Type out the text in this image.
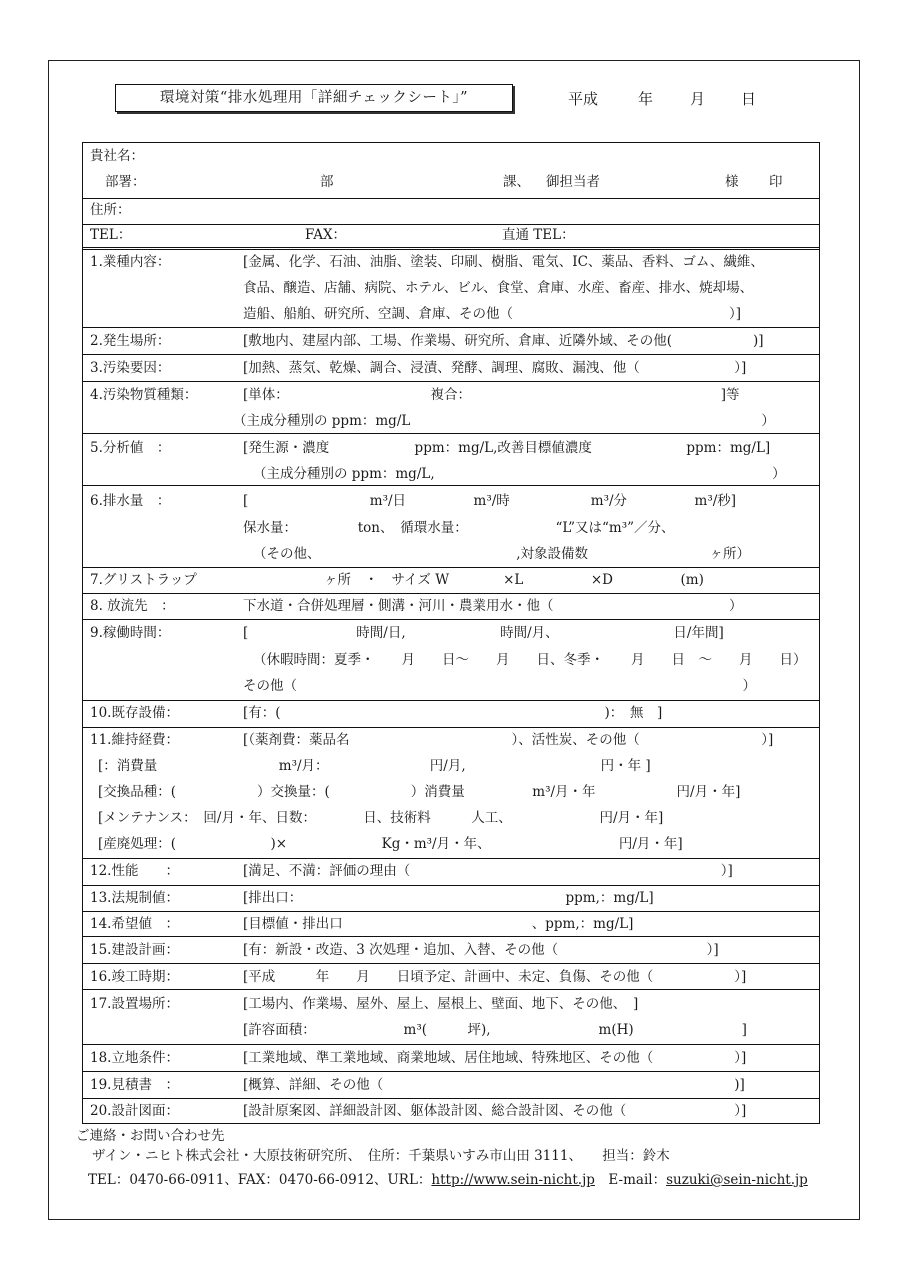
環境対策“排水処理用「詳細チェックシート」”	平成	年 月 日
貴社名：
部署：	部	課、 御担当者	様 印
住所：
TEL：	FAX：	直通 TEL：
1.業種内容：	[金属、化学、石油、油脂、塗装、印刷、樹脂、電気、IC、薬品、香料、ゴム、繊維、
食品、醸造、店舗、病院、ホテル、ビル、食堂、倉庫、水産、畜産、排水、焼却場、
造船、船舶、研究所、空調、倉庫、その他（　　　　　　　　　　　　　　　　）]
2.発生場所：	[敷地内、建屋内部、工場、作業場、研究所、倉庫、近隣外域、その他(　　　　　　)]
3.汚染要因：	[加熱、蒸気、乾燥、調合、浸漬、発酵、調理、腐敗、漏洩、他（　　　　　　　）]
4.汚染物質種類：	[単体：　　　　　　　　　　　複合：　　　　　　　　　　　　　　　　　　　]等
（主成分種別の ppm：mg/L　　　　　　　　　　　　　　　　　　　　　　　　　　）
5.分析値　：	[発生源・濃度　　　　　　 ppm：mg/L,改善目標値濃度　　　　　　　ppm：mg/L]
（主成分種別の ppm：mg/L,　　　　　　　　　　　　　　　　　　　　　　　　　）
6.排水量　：	[　　　　　　　　　m³/日　　　　　m³/時　　　　　　m³/分　　　　　m³/秒]
保水量：　　　　　ton、　循環水量：　　　　　　　“L”又は“m³”／分、
（その他、　　　　　　　　　　　　　　　,対象設備数　　　　　　　　　ヶ所）
7.グリストラップ	　　　　　　ヶ所　・　サイズ W　　　　×L　　　　　×D　　　　　(m)
8. 放流先　：	下水道・合併処理層・側溝・河川・農業用水・他（　　　　　　　　　　　　　）
9.稼働時間：	[　　　　　　　　時間/日,　　　　　　　時間/月、　　　　　　　　　日/年間]
（休暇時間：夏季・　　月　　日～　　月　　日、冬季・　　月　　日　～　　月　　日）
その他（　　　　　　　　　　　　　　　　　　　　　　　　　　　　　　　　　）
10.既存設備：	[有：(　　　　　　　　　　　　　　　　　　　　　　　　)：　無　]
11.維持経費：	[（薬剤費：薬品名　　　　　　　　　　　　）、活性炭、その他（　　　　　　　　　）]
[：消費量　　　　　　　　　m³/月：　　　　　　　　円/月,　　　　　　　　　　円・年 ]
[交換品種：(　　　　　　）交換量：(　　　　　　）消費量　　　　　m³/月・年　　　　　　円/月・年]
[メンテナンス：　回/月・年、日数：　　　　日、技術料　　　人工、　　　　　　　円/月・年]
[産廃処理：(　　　　　　　)×　　　　　　　Kg・m³/月・年、　　　　　　　　　　円/月・年]
12.性能　　：	[満足、不満：評価の理由（　　　　　　　　　　　　　　　　　　　　　　　）]
13.法規制値：	[排出口：　　　　　　　　　　　　　　　　　　　　ppm,：mg/L]
14.希望値　：	[目標値・排出口　　　　　　　　　　　　　　、ppm,：mg/L]
15.建設計画：	[有：新設・改造、3 次処理・追加、入替、その他（　　　　　　　　　　　）]
16.竣工時期：	[平成　　　年　　月　　日頃予定、計画中、未定、負傷、その他（　　　　　　）]
17.設置場所：	[工場内、作業場、屋外、屋上、屋根上、壁面、地下、その他、　]
[許容面積：　　　　　　　m³(　　　坪),　　　　　　　　m(H)　　　　　　　　]
18.立地条件：	[工業地域、準工業地域、商業地域、居住地域、特殊地区、その他（　　　　　　）]
19.見積書　：	[概算、詳細、その他（　　　　　　　　　　　　　　　　　　　　　　　　　　)]
20.設計図面：	[設計原案図、詳細設計図、躯体設計図、総合設計図、その他（　　　　　　　　）]
ご連絡・お問い合わせ先
ザイン・ニヒト株式会社・大原技術研究所、　住所：千葉県いすみ市山田 3111、　　担当：鈴木
TEL：0470-66-0911、FAX：0470-66-0912、URL：http://www.sein-nicht.jp　 E-mail：suzuki@sein-nicht.jp
